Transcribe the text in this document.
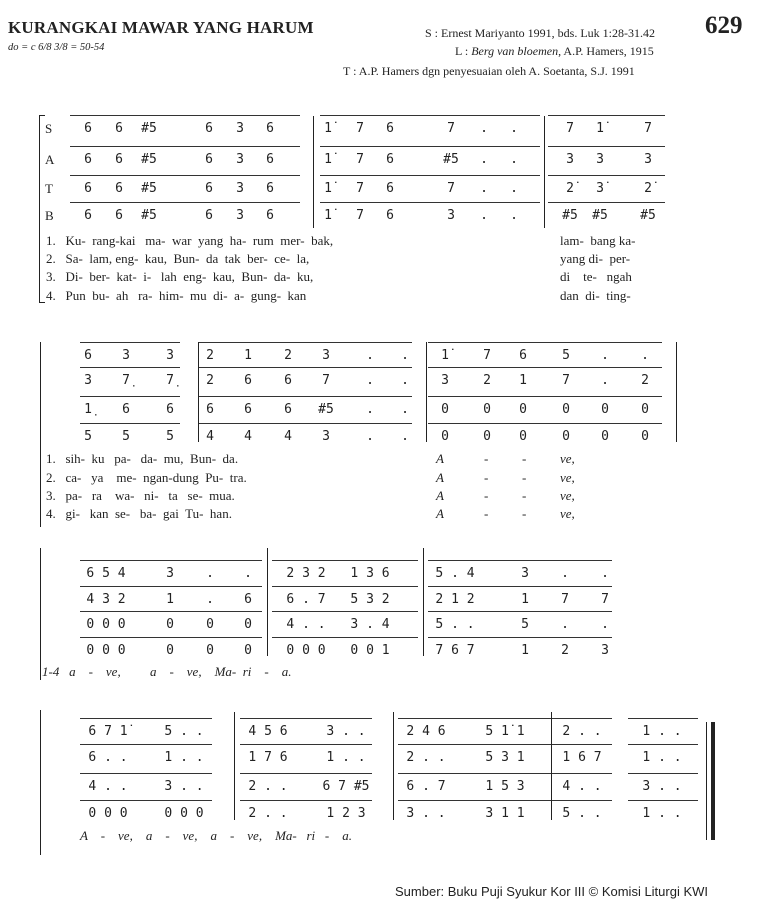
KURANGKAI MAWAR YANG HARUM
do = c 6/8 3/8 = 50-54
629
S : Ernest Mariyanto 1991, bds. Luk 1:28-31.42
L : Berg van bloemen, A.P. Hamers, 1915
T : A.P. Hamers dgn penyesuaian oleh A. Soetanta, S.J. 1991
S
A
T
B
6	6	#5	6	3	6	1̇	7	6	7	.	.	7	1̇	7
6	6	#5	6	3	6	1̇	7	6	#5	.	.	3	3	3
6	6	#5	6	3	6	1̇	7	6	7	.	.	2̇	3̇	2̇
6	6	#5	6	3	6	1̇	7	6	3	.	.	#5	#5	#5
1.   Ku-  rang-kai   ma-  war  yang  ha-  rum  mer-  bak,	lam-  bang ka-
2.   Sa-  lam, eng-  kau,  Bun-  da  tak  ber-  ce-  la,	yang di-  per-
3.   Di-  ber-  kat-  i-   lah  eng-  kau,  Bun-  da-  ku,	di    te-   ngah
4.   Pun  bu-  ah   ra-  him-  mu  di-  a-  gung-  kan	dan  di-  ting-
6	3	3	2	1	2	3	.	.	1̇	7	6	5	.	.
3	7̣	7̣	2	6	6	7	.	.	3	2	1	7	.	2
1̣	6	6	6	6	6	#5	.	.	0	0	0	0	0	0
5	5	5	4	4	4	3	.	.	0	0	0	0	0	0
1.   sih-  ku   pa-   da-  mu,  Bun-  da.	A	-	-	ve,
2.   ca-   ya    me-  ngan-dung  Pu-  tra.	A	-	-	ve,
3.   pa-   ra    wa-   ni-   ta   se-  mua.	A	-	-	ve,
4.   gi-   kan  se-   ba-  gai  Tu-  han.	A	-	-	ve,
6 5 4	3	.	.	2 3 2	1 3 6	5 . 4	3	.	.
4 3 2	1	.	6	6 . 7	5 3 2	2 1 2	1	7	7
0 0 0	0	0	0	4 . .	3 . 4	5 . .	5	.	.
0 0 0	0	0	0	0 0 0	0 0 1	7 6 7	1	2	3
1-4   a    -    ve,         a    -    ve,    Ma-  ri    -    a.
6 7 1̇	5 . .	4 5 6	3 . .	2 4 6	5 1̇ 1	2 . .	1 . .
6 . .	1 . .	1 7 6	1 . .	2 . .	5 3 1	1 6 7	1 . .
4 . .	3 . .	2 . .	6 7 #5	6 . 7	1 5 3	4 . .	3 . .
0 0 0	0 0 0	2 . .	1 2 3	3 . .	3 1 1	5 . .	1 . .
A    -    ve,    a    -    ve,    a    -    ve,    Ma-   ri   -    a.
Sumber: Buku Puji Syukur Kor III © Komisi Liturgi KWI
